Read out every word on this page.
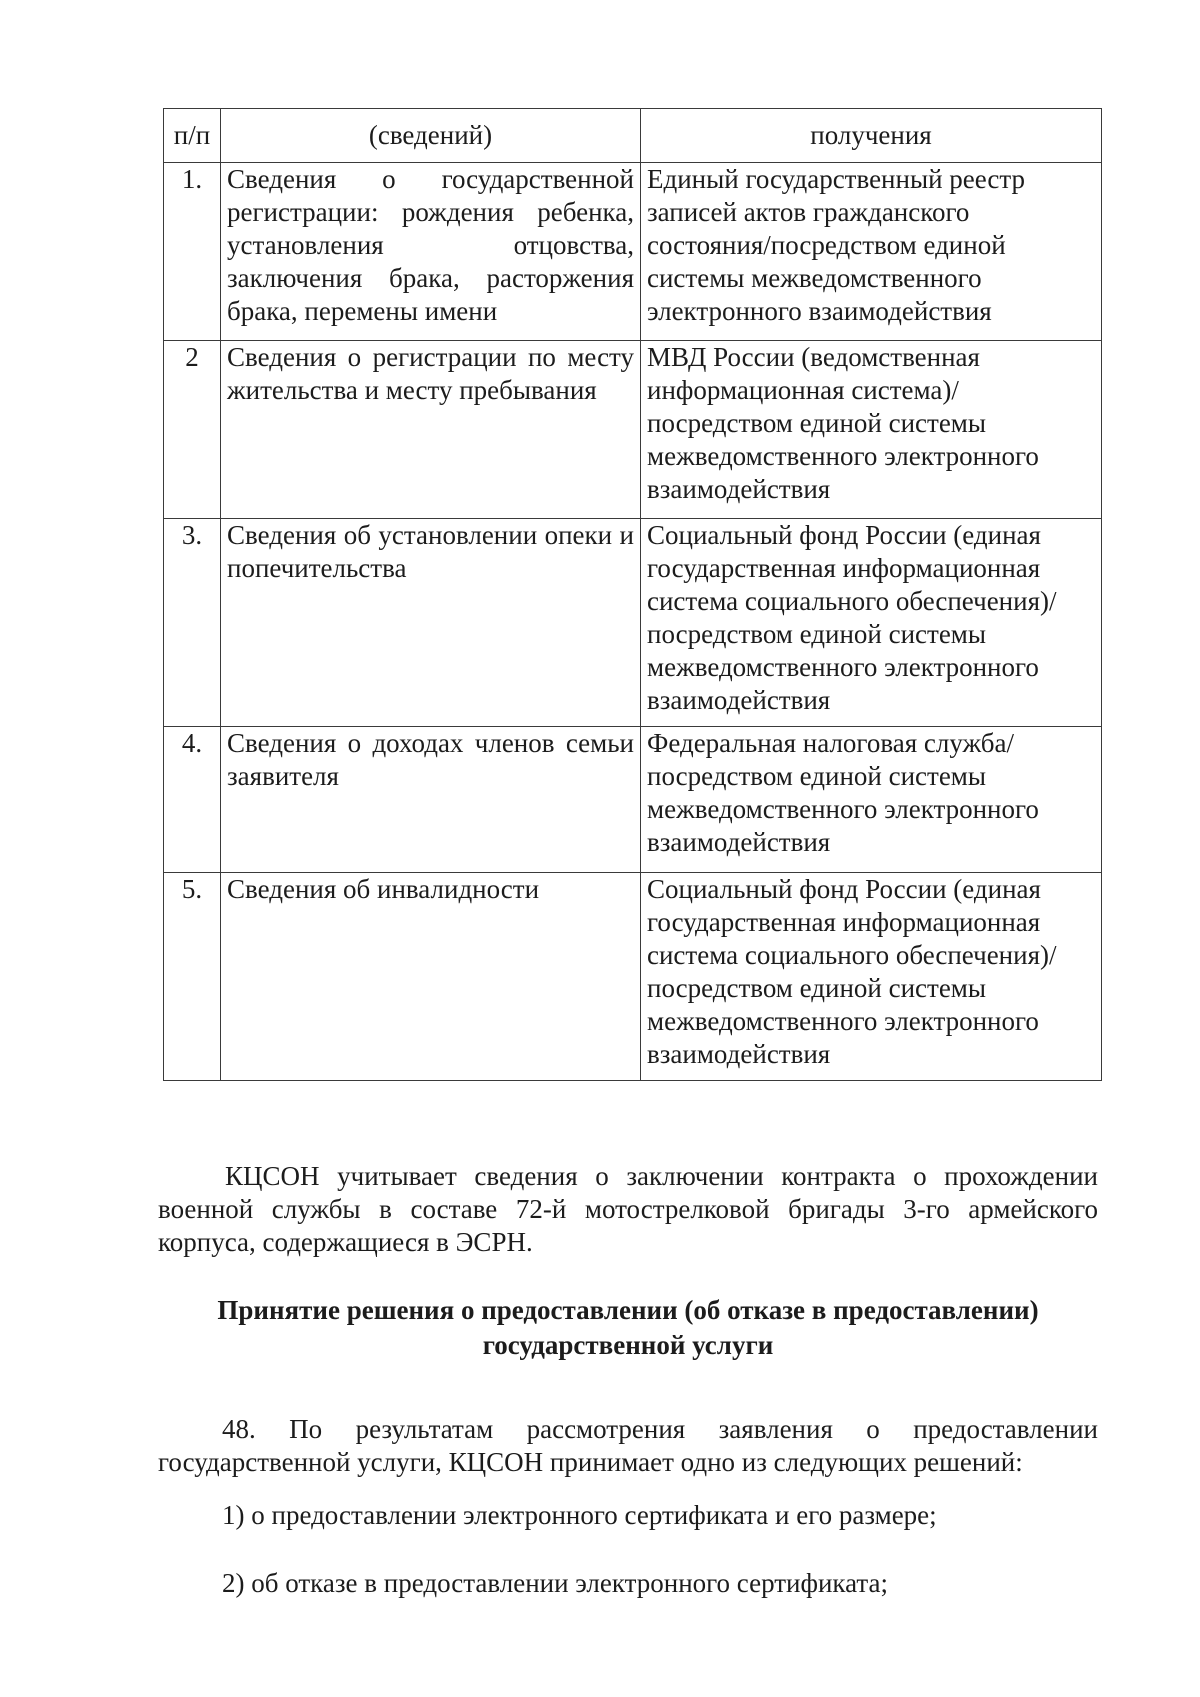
п/п	(сведений)	получения
1.	Сведения о государственной регистрации: рождения ребенка, установления отцовства, заключения брака, расторжения брака, перемены имени	Единый государственный реестр записей актов гражданского состояния/посредством единой системы межведомственного электронного взаимодействия
2	Сведения о регистрации по месту жительства и месту пребывания	МВД России (ведомственная информационная система)/посредством единой системы межведомственного электронного взаимодействия
3.	Сведения об установлении опеки и попечительства	Социальный фонд России (единая государственная информационная система социального обеспечения)/посредством единой системы межведомственного электронного взаимодействия
4.	Сведения о доходах членов семьи заявителя	Федеральная налоговая служба/посредством единой системы межведомственного электронного взаимодействия
5.	Сведения об инвалидности	Социальный фонд России (единая государственная информационная система социального обеспечения)/посредством единой системы межведомственного электронного взаимодействия

КЦСОН учитывает сведения о заключении контракта о прохождении военной службы в составе 72-й мотострелковой бригады 3-го армейского корпуса, содержащиеся в ЭСРН.

Принятие решения о предоставлении (об отказе в предоставлении)
государственной услуги

48. По результатам рассмотрения заявления о предоставлении государственной услуги, КЦСОН принимает одно из следующих решений:

1) о предоставлении электронного сертификата и его размере;

2) об отказе в предоставлении электронного сертификата;
